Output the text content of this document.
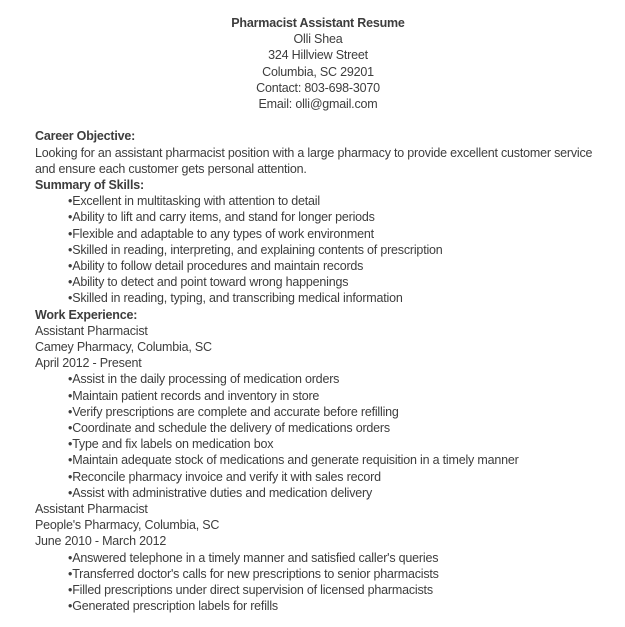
Pharmacist Assistant Resume
Olli Shea
324 Hillview Street
Columbia, SC 29201
Contact: 803-698-3070
Email: olli@gmail.com
Career Objective:
Looking for an assistant pharmacist position with a large pharmacy to provide excellent customer service
and ensure each customer gets personal attention.
Summary of Skills:
• Excellent in multitasking with attention to detail
• Ability to lift and carry items, and stand for longer periods
• Flexible and adaptable to any types of work environment
• Skilled in reading, interpreting, and explaining contents of prescription
• Ability to follow detail procedures and maintain records
• Ability to detect and point toward wrong happenings
• Skilled in reading, typing, and transcribing medical information
Work Experience:
Assistant Pharmacist
Camey Pharmacy, Columbia, SC
April 2012 - Present
• Assist in the daily processing of medication orders
• Maintain patient records and inventory in store
• Verify prescriptions are complete and accurate before refilling
• Coordinate and schedule the delivery of medications orders
• Type and fix labels on medication box
• Maintain adequate stock of medications and generate requisition in a timely manner
• Reconcile pharmacy invoice and verify it with sales record
• Assist with administrative duties and medication delivery
Assistant Pharmacist
People's Pharmacy, Columbia, SC
June 2010 - March 2012
• Answered telephone in a timely manner and satisfied caller's queries
• Transferred doctor's calls for new prescriptions to senior pharmacists
• Filled prescriptions under direct supervision of licensed pharmacists
• Generated prescription labels for refills
